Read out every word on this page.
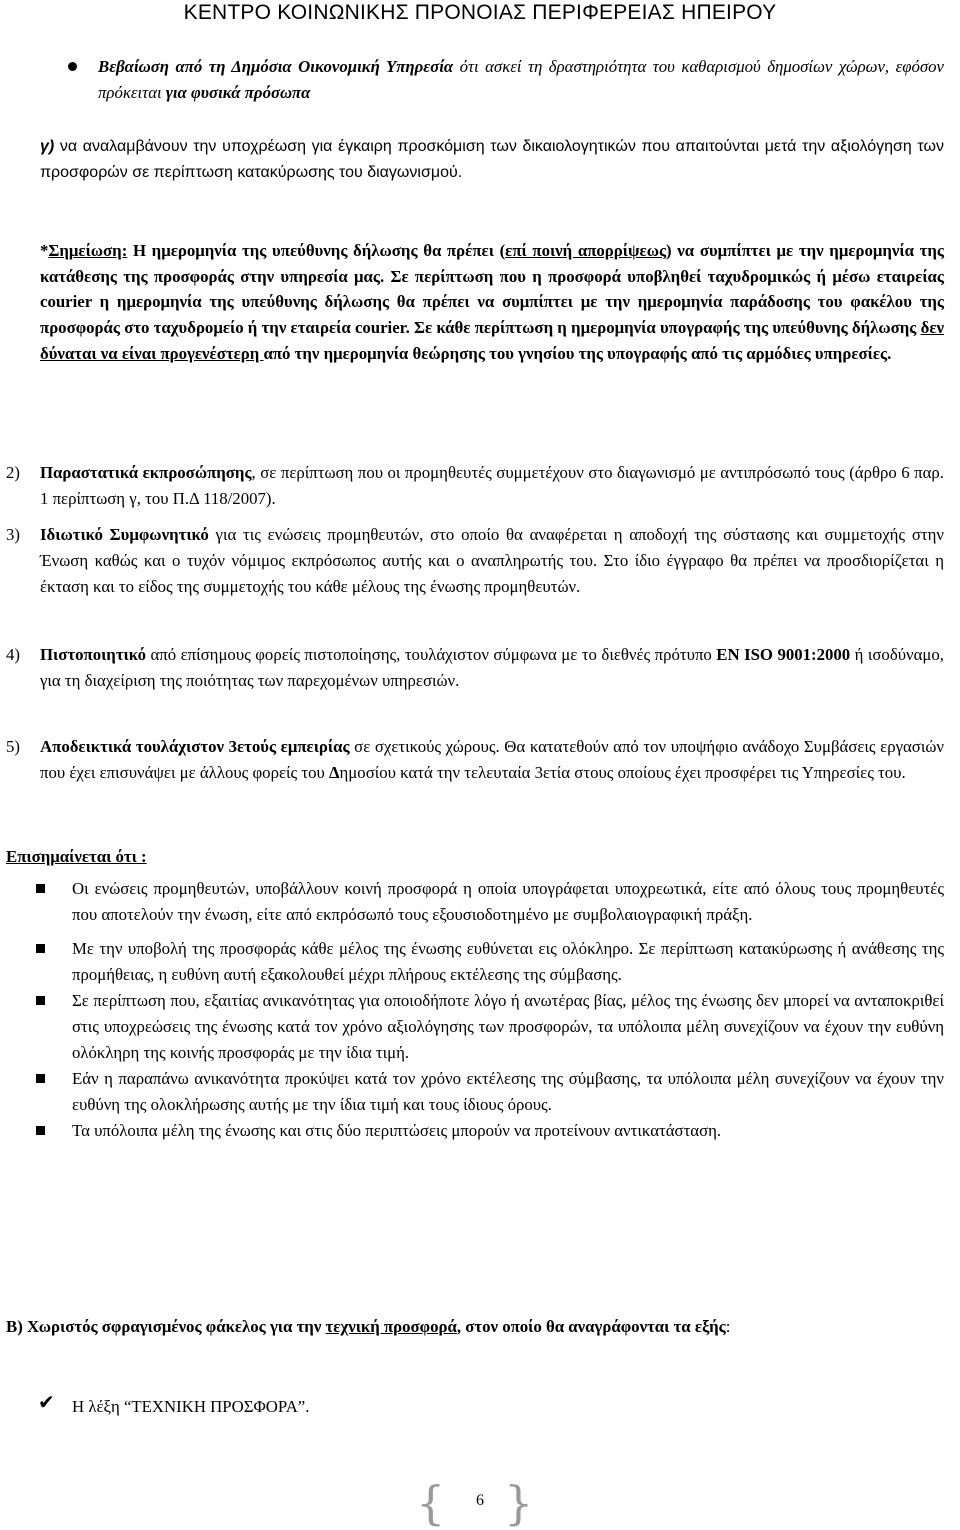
ΚΕΝΤΡΟ ΚΟΙΝΩΝΙΚΗΣ ΠΡΟΝΟΙΑΣ ΠΕΡΙΦΕΡΕΙΑΣ ΗΠΕΙΡΟΥ

Βεβαίωση από τη Δημόσια Οικονομική Υπηρεσία ότι ασκεί τη δραστηριότητα του καθαρισμού δημοσίων χώρων, εφόσον πρόκειται για φυσικά πρόσωπα

γ) να αναλαμβάνουν την υποχρέωση για έγκαιρη προσκόμιση των δικαιολογητικών που απαιτούνται μετά την αξιολόγηση των προσφορών σε περίπτωση κατακύρωσης του διαγωνισμού.

*Σημείωση: Η ημερομηνία της υπεύθυνης δήλωσης θα πρέπει (επί ποινή απορρίψεως) να συμπίπτει με την ημερομηνία της κατάθεσης της προσφοράς στην υπηρεσία μας. Σε περίπτωση που η προσφορά υποβληθεί ταχυδρομικώς ή μέσω εταιρείας courier η ημερομηνία της υπεύθυνης δήλωσης θα πρέπει να συμπίπτει με την ημερομηνία παράδοσης του φακέλου της προσφοράς στο ταχυδρομείο ή την εταιρεία courier. Σε κάθε περίπτωση η ημερομηνία υπογραφής της υπεύθυνης δήλωσης δεν δύναται να είναι προγενέστερη από την ημερομηνία θεώρησης του γνησίου της υπογραφής από τις αρμόδιες υπηρεσίες.

2) Παραστατικά εκπροσώπησης, σε περίπτωση που οι προμηθευτές συμμετέχουν στο διαγωνισμό με αντιπρόσωπό τους (άρθρο 6 παρ. 1 περίπτωση γ, του Π.Δ 118/2007).

3) Ιδιωτικό Συμφωνητικό για τις ενώσεις προμηθευτών, στο οποίο θα αναφέρεται η αποδοχή της σύστασης και συμμετοχής στην Ένωση καθώς και ο τυχόν νόμιμος εκπρόσωπος αυτής και ο αναπληρωτής του. Στο ίδιο έγγραφο θα πρέπει να προσδιορίζεται η έκταση και το είδος της συμμετοχής του κάθε μέλους της ένωσης προμηθευτών.

4) Πιστοποιητικό από επίσημους φορείς πιστοποίησης, τουλάχιστον σύμφωνα με το διεθνές πρότυπο EN ISO 9001:2000 ή ισοδύναμο, για τη διαχείριση της ποιότητας των παρεχομένων υπηρεσιών.

5) Αποδεικτικά τουλάχιστον 3ετούς εμπειρίας σε σχετικούς χώρους. Θα κατατεθούν από τον υποψήφιο ανάδοχο Συμβάσεις εργασιών που έχει επισυνάψει με άλλους φορείς του Δημοσίου κατά την τελευταία 3ετία στους οποίους έχει προσφέρει τις Υπηρεσίες του.

Επισημαίνεται ότι :

Οι ενώσεις προμηθευτών, υποβάλλουν κοινή προσφορά η οποία υπογράφεται υποχρεωτικά, είτε από όλους τους προμηθευτές που αποτελούν την ένωση, είτε από εκπρόσωπό τους εξουσιοδοτημένο με συμβολαιογραφική πράξη.
Με την υποβολή της προσφοράς κάθε μέλος της ένωσης ευθύνεται εις ολόκληρο. Σε περίπτωση κατακύρωσης ή ανάθεσης της προμήθειας, η ευθύνη αυτή εξακολουθεί μέχρι πλήρους εκτέλεσης της σύμβασης.
Σε περίπτωση που, εξαιτίας ανικανότητας για οποιοδήποτε λόγο ή ανωτέρας βίας, μέλος της ένωσης δεν μπορεί να ανταποκριθεί στις υποχρεώσεις της ένωσης κατά τον χρόνο αξιολόγησης των προσφορών, τα υπόλοιπα μέλη συνεχίζουν να έχουν την ευθύνη ολόκληρη της κοινής προσφοράς με την ίδια τιμή.
Εάν η παραπάνω ανικανότητα προκύψει κατά τον χρόνο εκτέλεσης της σύμβασης, τα υπόλοιπα μέλη συνεχίζουν να έχουν την ευθύνη της ολοκλήρωσης αυτής με την ίδια τιμή και τους ίδιους όρους.
Τα υπόλοιπα μέλη της ένωσης και στις δύο περιπτώσεις μπορούν να προτείνουν αντικατάσταση.

Β) Χωριστός σφραγισμένος φάκελος για την τεχνική προσφορά, στον οποίο θα αναγράφονται τα εξής:

✔ Η λέξη “ΤΕΧΝΙΚΗ ΠΡΟΣΦΟΡΑ”.

{	6 }
